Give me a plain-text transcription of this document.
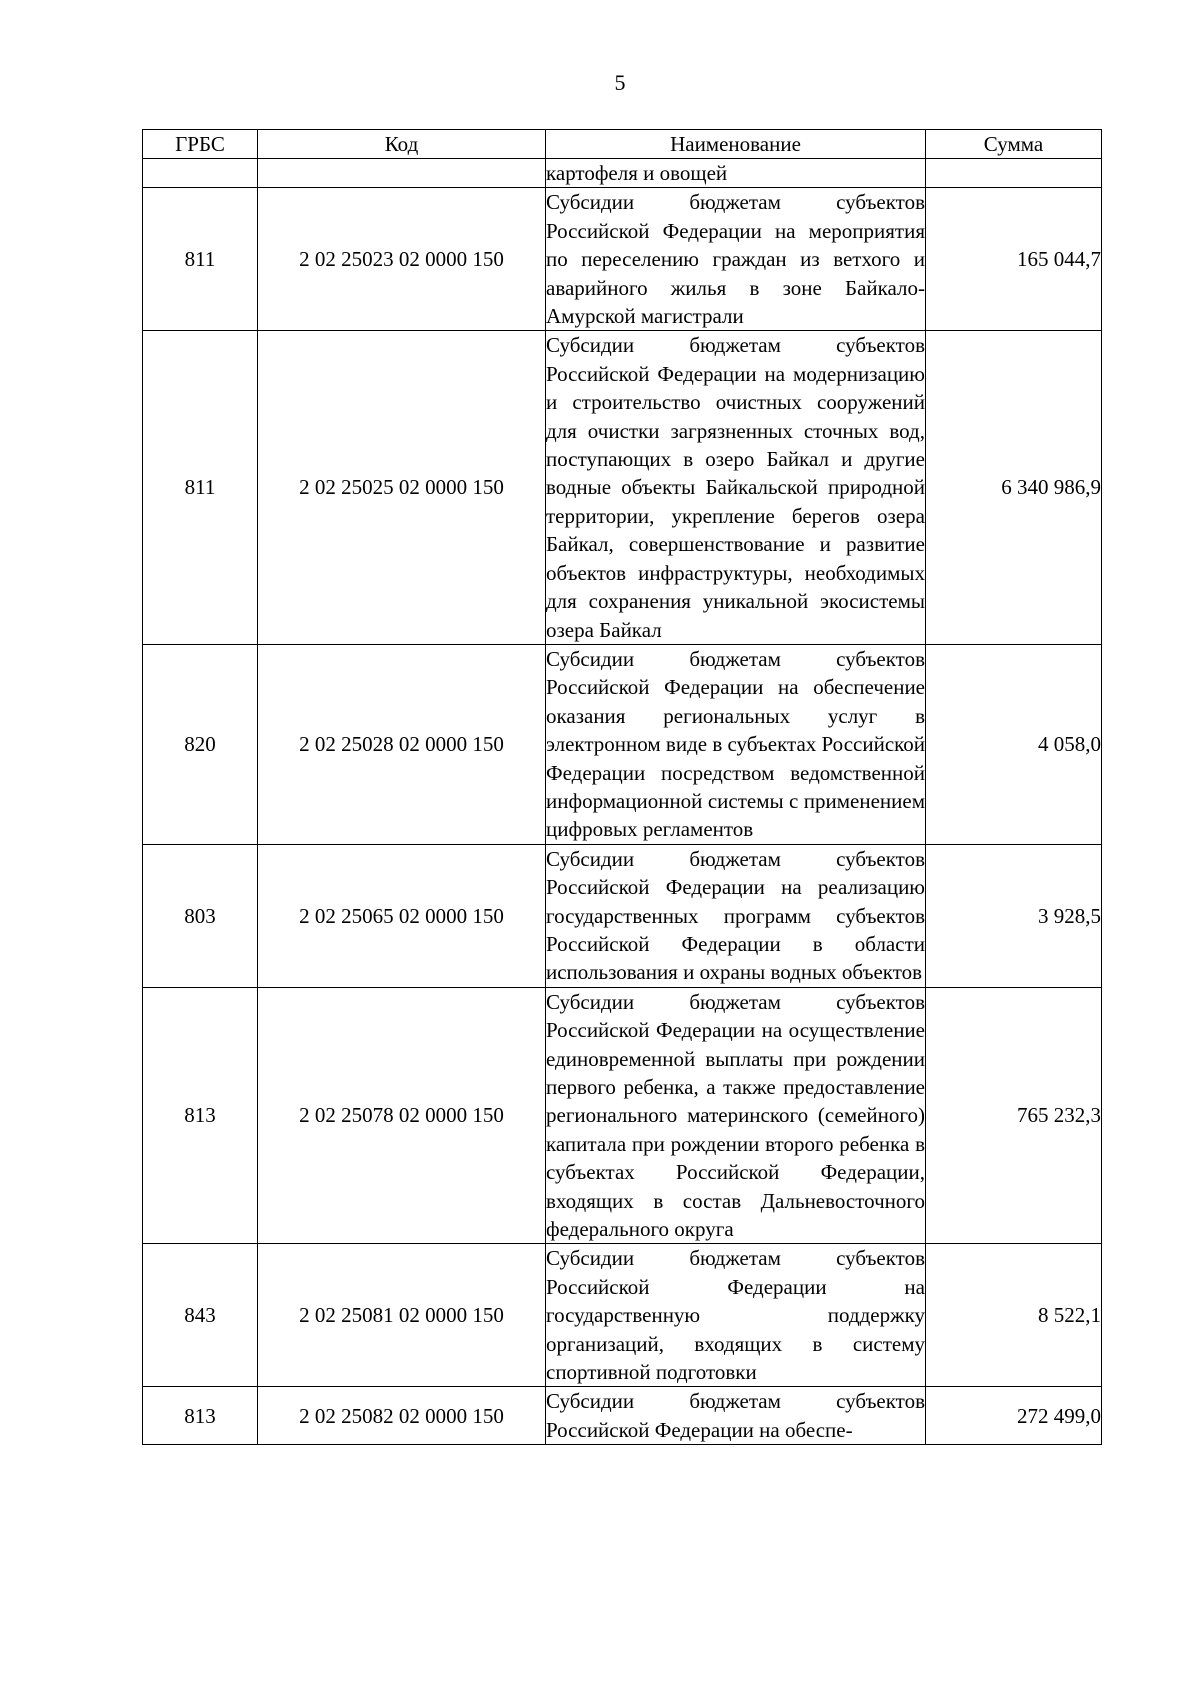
5
ГРБС	Код	Наименование	Сумма
		картофеля и овощей	
811	2 02 25023 02 0000 150	Субсидии бюджетам субъектов Российской Федерации на мероприятия по переселению граждан из ветхого и аварийного жилья в зоне Байкало-Амурской магистрали	165 044,7
811	2 02 25025 02 0000 150	Субсидии бюджетам субъектов Российской Федерации на модернизацию и строительство очистных сооружений для очистки загрязненных сточных вод, поступающих в озеро Байкал и другие водные объекты Байкальской природной территории, укрепление берегов озера Байкал, совершенствование и развитие объектов инфраструктуры, необходимых для сохранения уникальной экосистемы озера Байкал	6 340 986,9
820	2 02 25028 02 0000 150	Субсидии бюджетам субъектов Российской Федерации на обеспечение оказания региональных услуг в электронном виде в субъектах Российской Федерации посредством ведомственной информационной системы с применением цифровых регламентов	4 058,0
803	2 02 25065 02 0000 150	Субсидии бюджетам субъектов Российской Федерации на реализацию государственных программ субъектов Российской Федерации в области использования и охраны водных объектов	3 928,5
813	2 02 25078 02 0000 150	Субсидии бюджетам субъектов Российской Федерации на осуществление единовременной выплаты при рождении первого ребенка, а также предоставление регионального материнского (семейного) капитала при рождении второго ребенка в субъектах Российской Федерации, входящих в состав Дальневосточного федерального округа	765 232,3
843	2 02 25081 02 0000 150	Субсидии бюджетам субъектов Российской Федерации на государственную поддержку организаций, входящих в систему спортивной подготовки	8 522,1
813	2 02 25082 02 0000 150	Субсидии бюджетам субъектов Российской Федерации на обеспе-	272 499,0
